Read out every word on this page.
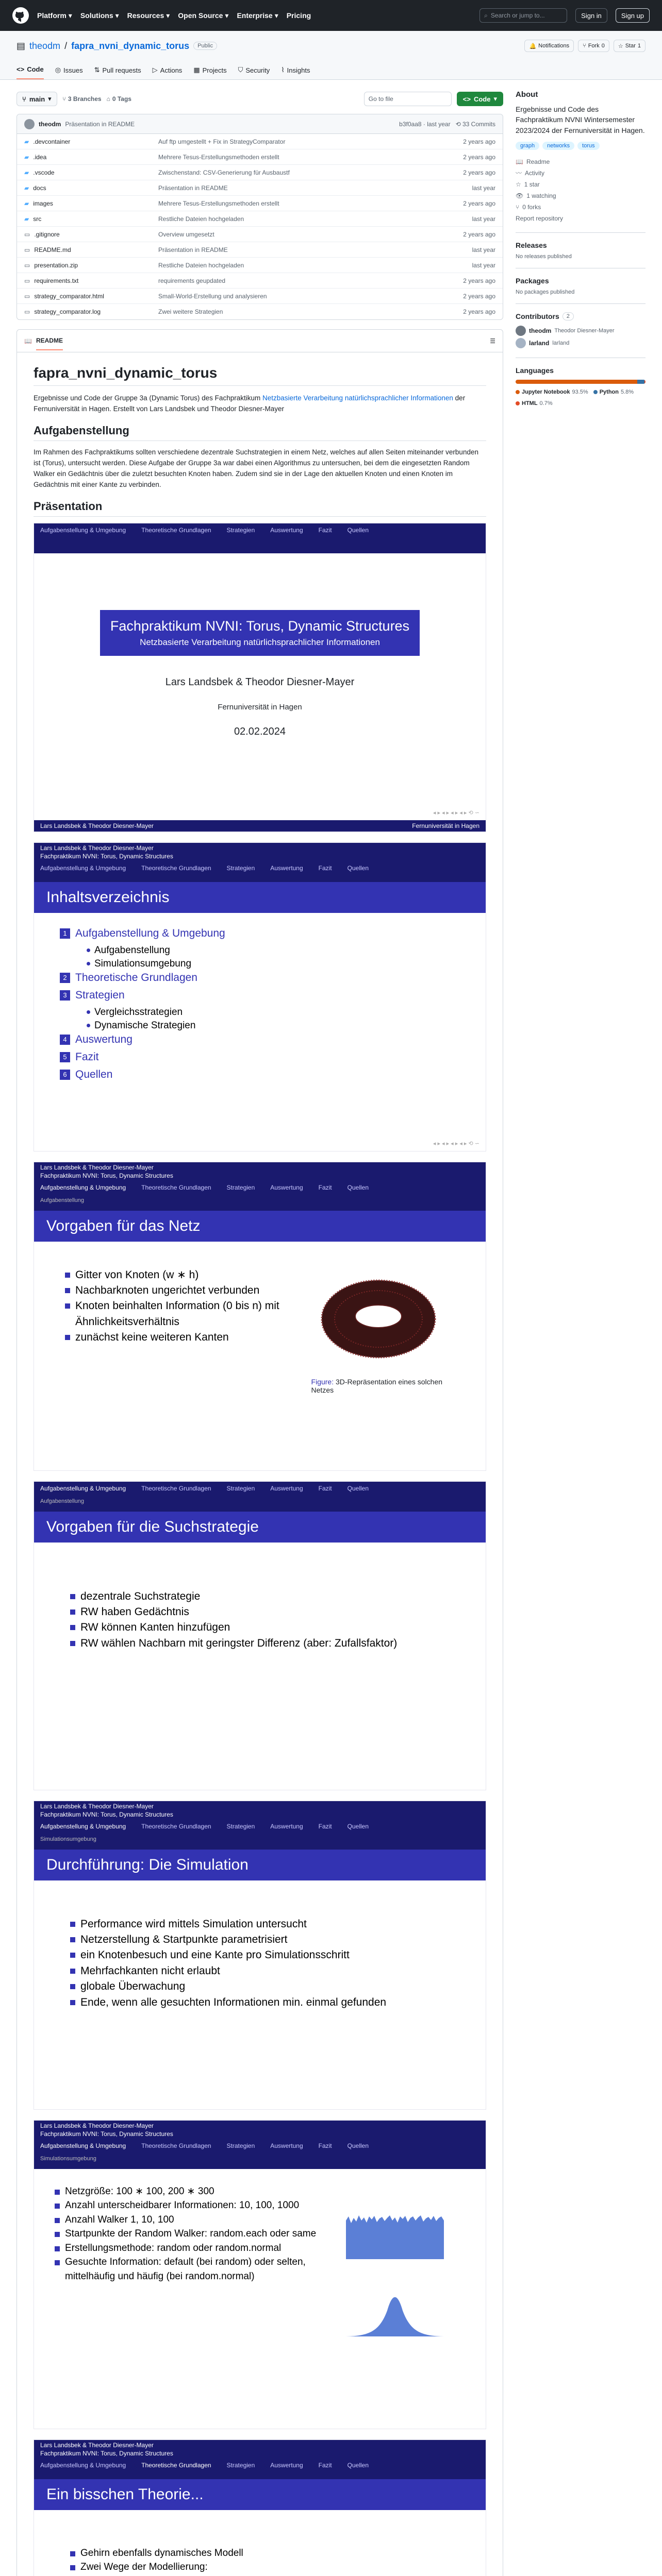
Platform ▾ Solutions ▾ Resources ▾ Open Source ▾ Enterprise ▾ Pricing	⌕ Search or jump to...	Sign in	Sign up
▤ theodm / fapra_nvni_dynamic_torus	Public	🔔 Notifications ⑂ Fork 0 ☆ Star 1
<> Code ◎ Issues ⇅ Pull requests ▷ Actions ▦ Projects ⛉ Security ⌇ Insights
⑂ main ▾	⑂ 3 Branches ⌂ 0 Tags	Go to file	<> Code ▾
theodm Präsentation in README	b3f0aa8 · last year ⟲ 33 Commits
▰ .devcontainer	Auf ftp umgestellt + Fix in StrategyComparator	2 years ago
▰ .idea	Mehrere Tesus-Erstellungsmethoden erstellt	2 years ago
▰ .vscode	Zwischenstand: CSV-Generierung für Ausbaustf	2 years ago
▰ docs	Präsentation in README	last year
▰ images	Mehrere Tesus-Erstellungsmethoden erstellt	2 years ago
▰ src	Restliche Dateien hochgeladen	last year
▭ .gitignore	Overview umgesetzt	2 years ago
▭ README.md	Präsentation in README	last year
▭ presentation.zip	Restliche Dateien hochgeladen	last year
▭ requirements.txt	requirements geupdated	2 years ago
▭ strategy_comparator.html	Small-World-Erstellung und analysieren	2 years ago
▭ strategy_comparator.log	Zwei weitere Strategien	2 years ago
📖 README	☰
fapra_nvni_dynamic_torus

Ergebnisse und Code der Gruppe 3a (Dynamic Torus) des Fachpraktikum Netzbasierte Verarbeitung natürlichsprachlicher Informationen der Fernuniversität in Hagen. Erstellt von Lars Landsbek und Theodor Diesner-Mayer

Aufgabenstellung

Im Rahmen des Fachpraktikums sollten verschiedene dezentrale Suchstrategien in einem Netz, welches auf allen Seiten miteinander verbunden ist (Torus), untersucht werden. Diese Aufgabe der Gruppe 3a war dabei einen Algorithmus zu untersuchen, bei dem die eingesetzten Random Walker ein Gedächtnis über die zuletzt besuchten Knoten haben. Zudem sind sie in der Lage den aktuellen Knoten und einen Knoten im Gedächtnis mit einer Kante zu verbinden.

Präsentation
Aufgabenstellung & Umgebung	Theoretische Grundlagen	Strategien	Auswertung	Fazit	Quellen
Fachpraktikum NVNI: Torus, Dynamic Structures
Netzbasierte Verarbeitung natürlichsprachlicher Informationen
Lars Landsbek & Theodor Diesner-Mayer
Fernuniversität in Hagen
02.02.2024
◂ ▸ ◂ ▸ ◂ ▸ ◂ ▸ ⟲ ∽
Lars Landsbek & Theodor Diesner-Mayer	Fernuniversität in Hagen
Lars Landsbek & Theodor Diesner-Mayer
Fachpraktikum NVNI: Torus, Dynamic Structures
Aufgabenstellung & Umgebung	Theoretische Grundlagen	Strategien	Auswertung	Fazit	Quellen
Inhaltsverzeichnis
1 Aufgabenstellung & Umgebung
Aufgabenstellung
Simulationsumgebung
2 Theoretische Grundlagen
3 Strategien
Vergleichsstrategien
Dynamische Strategien
4 Auswertung
5 Fazit
6 Quellen
◂ ▸ ◂ ▸ ◂ ▸ ◂ ▸ ⟲ ∽
Lars Landsbek & Theodor Diesner-Mayer
Fachpraktikum NVNI: Torus, Dynamic Structures
Aufgabenstellung & Umgebung	Theoretische Grundlagen	Strategien	Auswertung	Fazit	Quellen
Aufgabenstellung
Vorgaben für das Netz
Gitter von Knoten (w ∗ h)
Nachbarknoten ungerichtet verbunden
Knoten beinhalten Information (0 bis n) mit Ähnlichkeitsverhältnis
zunächst keine weiteren Kanten
Figure: 3D-Repräsentation eines solchen Netzes
Aufgabenstellung & Umgebung	Theoretische Grundlagen	Strategien	Auswertung	Fazit	Quellen
Aufgabenstellung
Vorgaben für die Suchstrategie
dezentrale Suchstrategie
RW haben Gedächtnis
RW können Kanten hinzufügen
RW wählen Nachbarn mit geringster Differenz (aber: Zufallsfaktor)
Lars Landsbek & Theodor Diesner-Mayer
Fachpraktikum NVNI: Torus, Dynamic Structures
Aufgabenstellung & Umgebung	Theoretische Grundlagen	Strategien	Auswertung	Fazit	Quellen
Simulationsumgebung
Durchführung: Die Simulation
Performance wird mittels Simulation untersucht
Netzerstellung & Startpunkte parametrisiert
ein Knotenbesuch und eine Kante pro Simulationsschritt
Mehrfachkanten nicht erlaubt
globale Überwachung
Ende, wenn alle gesuchten Informationen min. einmal gefunden
Lars Landsbek & Theodor Diesner-Mayer
Fachpraktikum NVNI: Torus, Dynamic Structures
Aufgabenstellung & Umgebung	Theoretische Grundlagen	Strategien	Auswertung	Fazit	Quellen
Simulationsumgebung
Netzgröße: 100 ∗ 100, 200 ∗ 300
Anzahl unterscheidbarer Informationen: 10, 100, 1000
Anzahl Walker 1, 10, 100
Startpunkte der Random Walker: random.each oder same
Erstellungsmethode: random oder random.normal
Gesuchte Information: default (bei random) oder selten, mittelhäufig und häufig (bei random.normal)
Lars Landsbek & Theodor Diesner-Mayer
Fachpraktikum NVNI: Torus, Dynamic Structures
Aufgabenstellung & Umgebung	Theoretische Grundlagen	Strategien	Auswertung	Fazit	Quellen
Ein bisschen Theorie...
Gehirn ebenfalls dynamisches Modell
Zwei Wege der Modellierung:
About

Ergebnisse und Code des Fachpraktikum NVNI Wintersemester 2023/2024 der Fernuniversität in Hagen.

graph	networks	torus
📖 Readme
〰 Activity
☆ 1 star
👁 1 watching
⑂ 0 forks
Report repository
Releases
No releases published
Packages
No packages published
Contributors	2
theodm Theodor Diesner-Mayer
larland larland
Languages
Jupyter Notebook 93.5% Python 5.8%
HTML 0.7%
